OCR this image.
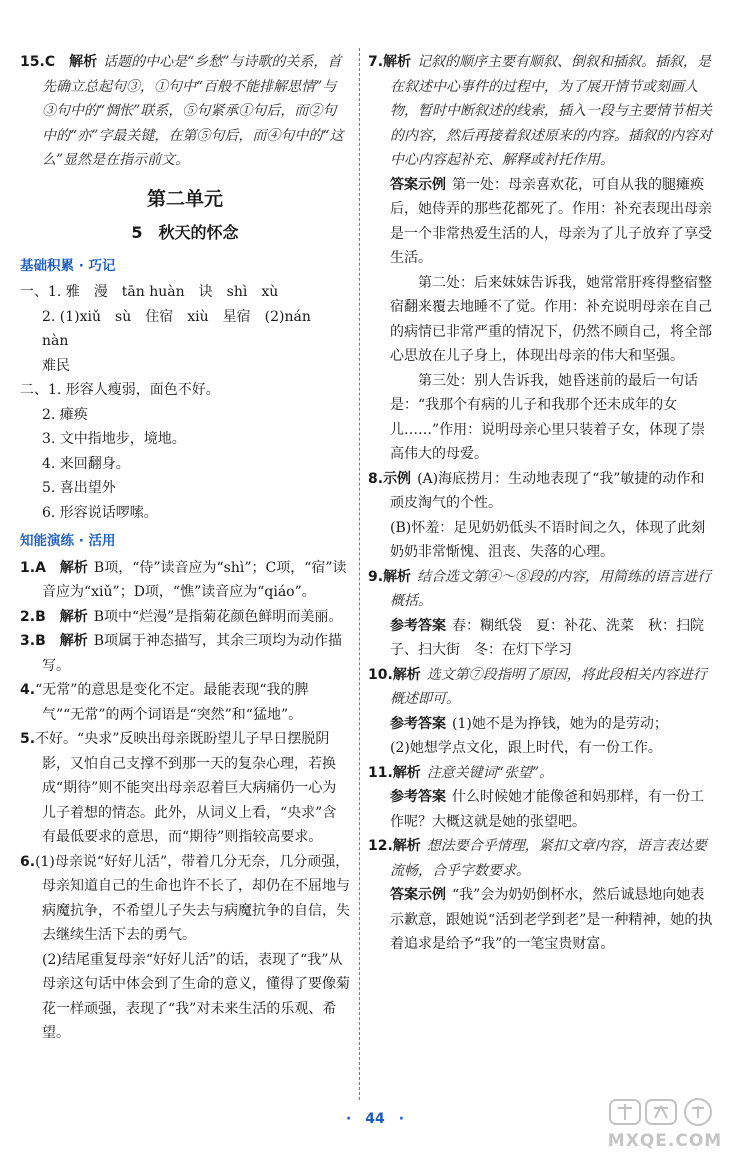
15.C　 解析 话题的中心是“乡愁”与诗歌的关系，首先确立总起句③，①句中“百般不能排解思情”与③句中的“惆怅”联系，⑤句紧承①句后，而②句中的“亦”字最关键，在第⑤句后，而④句中的“这么”显然是在指示前文。

第二单元
5　秋天的怀念
基础积累 · 巧记

一、1. 雅　漫　tān huàn　诀　shì　xù

2. (1)xiǔ　sù　住宿　xiù　星宿　(2)nán　nàn

难民

二、1. 形容人瘦弱，面色不好。

2. 瘫痪

3. 文中指地步，境地。

4. 来回翻身。

5. 喜出望外

6. 形容说话啰嗦。

知能演练 · 活用

1.A　 解析 B项，“侍”读音应为“shì”；C项，“宿”读音应为“xiǔ”；D项，“憔”读音应为“qiáo”。

2.B　 解析 B项中“烂漫”是指菊花颜色鲜明而美丽。

3.B　 解析 B项属于神态描写，其余三项均为动作描写。

4.“无常”的意思是变化不定。最能表现“我的脾气”“无常”的两个词语是“突然”和“猛地”。

5.不好。“央求”反映出母亲既盼望儿子早日摆脱阴影，又怕自己支撑不到那一天的复杂心理，若换成“期待”则不能突出母亲忍着巨大病痛仍一心为儿子着想的情态。此外，从词义上看，“央求”含有最低要求的意思，而“期待”则指较高要求。

6.(1)母亲说“好好儿活”，带着几分无奈，几分顽强，母亲知道自己的生命也许不长了，却仍在不屈地与病魔抗争，不希望儿子失去与病魔抗争的自信，失去继续生活下去的勇气。

(2)结尾重复母亲“好好儿活”的话，表现了“我”从母亲这句话中体会到了生命的意义，懂得了要像菊花一样顽强，表现了“我”对未来生活的乐观、希望。

7.解析 记叙的顺序主要有顺叙、倒叙和插叙。插叙，是在叙述中心事件的过程中，为了展开情节或刻画人物，暂时中断叙述的线索，插入一段与主要情节相关的内容，然后再接着叙述原来的内容。插叙的内容对中心内容起补充、解释或衬托作用。

答案示例 第一处：母亲喜欢花，可自从我的腿瘫痪后，她侍弄的那些花都死了。作用：补充表现出母亲是一个非常热爱生活的人，母亲为了儿子放弃了享受生活。

第二处：后来妹妹告诉我，她常常肝疼得整宿整宿翻来覆去地睡不了觉。作用：补充说明母亲在自己的病情已非常严重的情况下，仍然不顾自己，将全部心思放在儿子身上，体现出母亲的伟大和坚强。

第三处：别人告诉我，她昏迷前的最后一句话是：“我那个有病的儿子和我那个还未成年的女儿……”作用：说明母亲心里只装着子女，体现了崇高伟大的母爱。

8.示例 (A)海底捞月：生动地表现了“我”敏捷的动作和顽皮淘气的个性。

(B)怀羞：足见奶奶低头不语时间之久，体现了此刻奶奶非常惭愧、沮丧、失落的心理。

9.解析 结合选文第④～⑧段的内容，用简练的语言进行概括。

参考答案 春：糊纸袋　夏：补花、洗菜　秋：扫院子、扫大街　冬：在灯下学习

10.解析 选文第⑦段指明了原因，将此段相关内容进行概述即可。

参考答案 (1)她不是为挣钱，她为的是劳动；

(2)她想学点文化，跟上时代，有一份工作。

11.解析 注意关键词“张望”。

参考答案 什么时候她才能像爸和妈那样，有一份工作呢？大概这就是她的张望吧。

12.解析 想法要合乎情理，紧扣文章内容，语言表达要流畅，合乎字数要求。

答案示例 “我”会为奶奶倒杯水，然后诚恳地向她表示歉意，跟她说“活到老学到老”是一种精神，她的执着追求是给予“我”的一笔宝贵财富。

·　44　·
MXQE.COM
